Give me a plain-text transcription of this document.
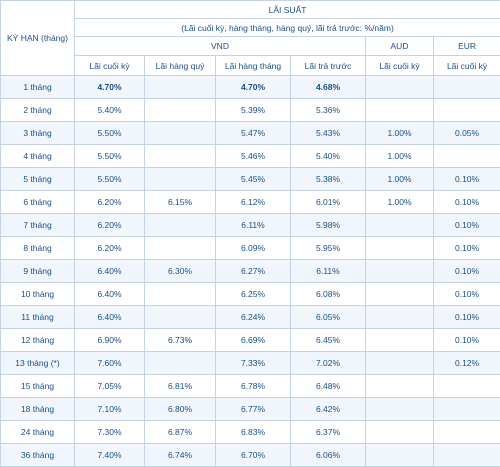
KỲ HẠN (tháng)	LÃI SUẤT					
	(Lãi cuối kỳ, hàng tháng, hàng quý, lãi trả trước: %/năm)					
	VND				AUD	EUR
	Lãi cuối kỳ	Lãi hàng quý	Lãi hàng tháng	Lãi trả trước	Lãi cuối kỳ	Lãi cuối kỳ
1 tháng	4.70%		4.70%	4.68%		
2 tháng	5.40%		5.39%	5.36%		
3 tháng	5.50%		5.47%	5.43%	1.00%	0.05%
4 tháng	5.50%		5.46%	5.40%	1.00%	
5 tháng	5.50%		5.45%	5.38%	1.00%	0.10%
6 tháng	6.20%	6.15%	6.12%	6.01%	1.00%	0.10%
7 tháng	6.20%		6.11%	5.98%		0.10%
8 tháng	6.20%		6.09%	5.95%		0.10%
9 tháng	6.40%	6.30%	6.27%	6.11%		0.10%
10 tháng	6.40%		6.25%	6.08%		0.10%
11 tháng	6.40%		6.24%	6.05%		0.10%
12 tháng	6.90%	6.73%	6.69%	6.45%		0.10%
13 tháng (*)	7.60%		7.33%	7.02%		0.12%
15 tháng	7.05%	6.81%	6.78%	6.48%		
18 tháng	7.10%	6.80%	6.77%	6.42%		
24 tháng	7.30%	6.87%	6.83%	6.37%		
36 tháng	7.40%	6.74%	6.70%	6.06%		
